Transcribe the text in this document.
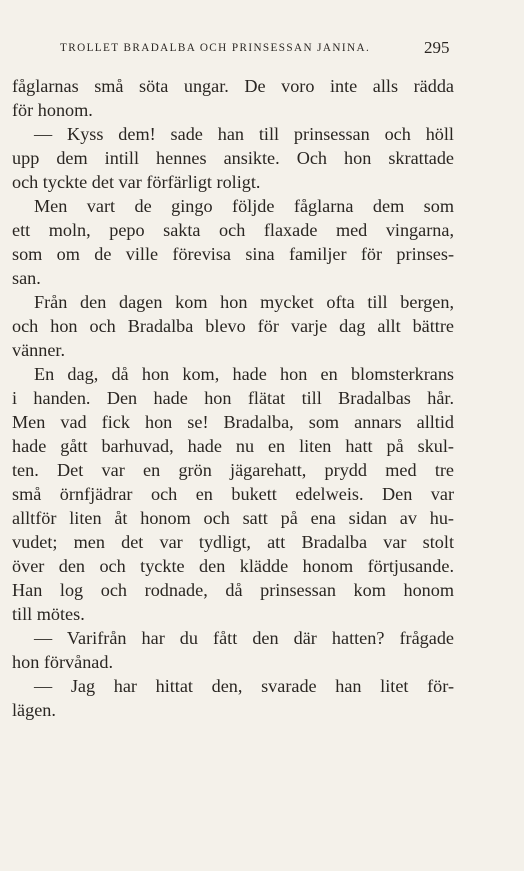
TROLLET BRADALBA OCH PRINSESSAN JANINA.	295
fåglarnas små söta ungar. De voro inte alls rädda
för honom.
— Kyss dem! sade han till prinsessan och höll
upp dem intill hennes ansikte. Och hon skrattade
och tyckte det var förfärligt roligt.
Men vart de gingo följde fåglarna dem som
ett moln, pepo sakta och flaxade med vingarna,
som om de ville förevisa sina familjer för prinses-
san.
Från den dagen kom hon mycket ofta till bergen,
och hon och Bradalba blevo för varje dag allt bättre
vänner.
En dag, då hon kom, hade hon en blomsterkrans
i handen. Den hade hon flätat till Bradalbas hår.
Men vad fick hon se! Bradalba, som annars alltid
hade gått barhuvad, hade nu en liten hatt på skul-
ten. Det var en grön jägarehatt, prydd med tre
små örnfjädrar och en bukett edelweis. Den var
alltför liten åt honom och satt på ena sidan av hu-
vudet; men det var tydligt, att Bradalba var stolt
över den och tyckte den klädde honom förtjusande.
Han log och rodnade, då prinsessan kom honom
till mötes.
— Varifrån har du fått den där hatten? frågade
hon förvånad.
— Jag har hittat den, svarade han litet för-
lägen.
